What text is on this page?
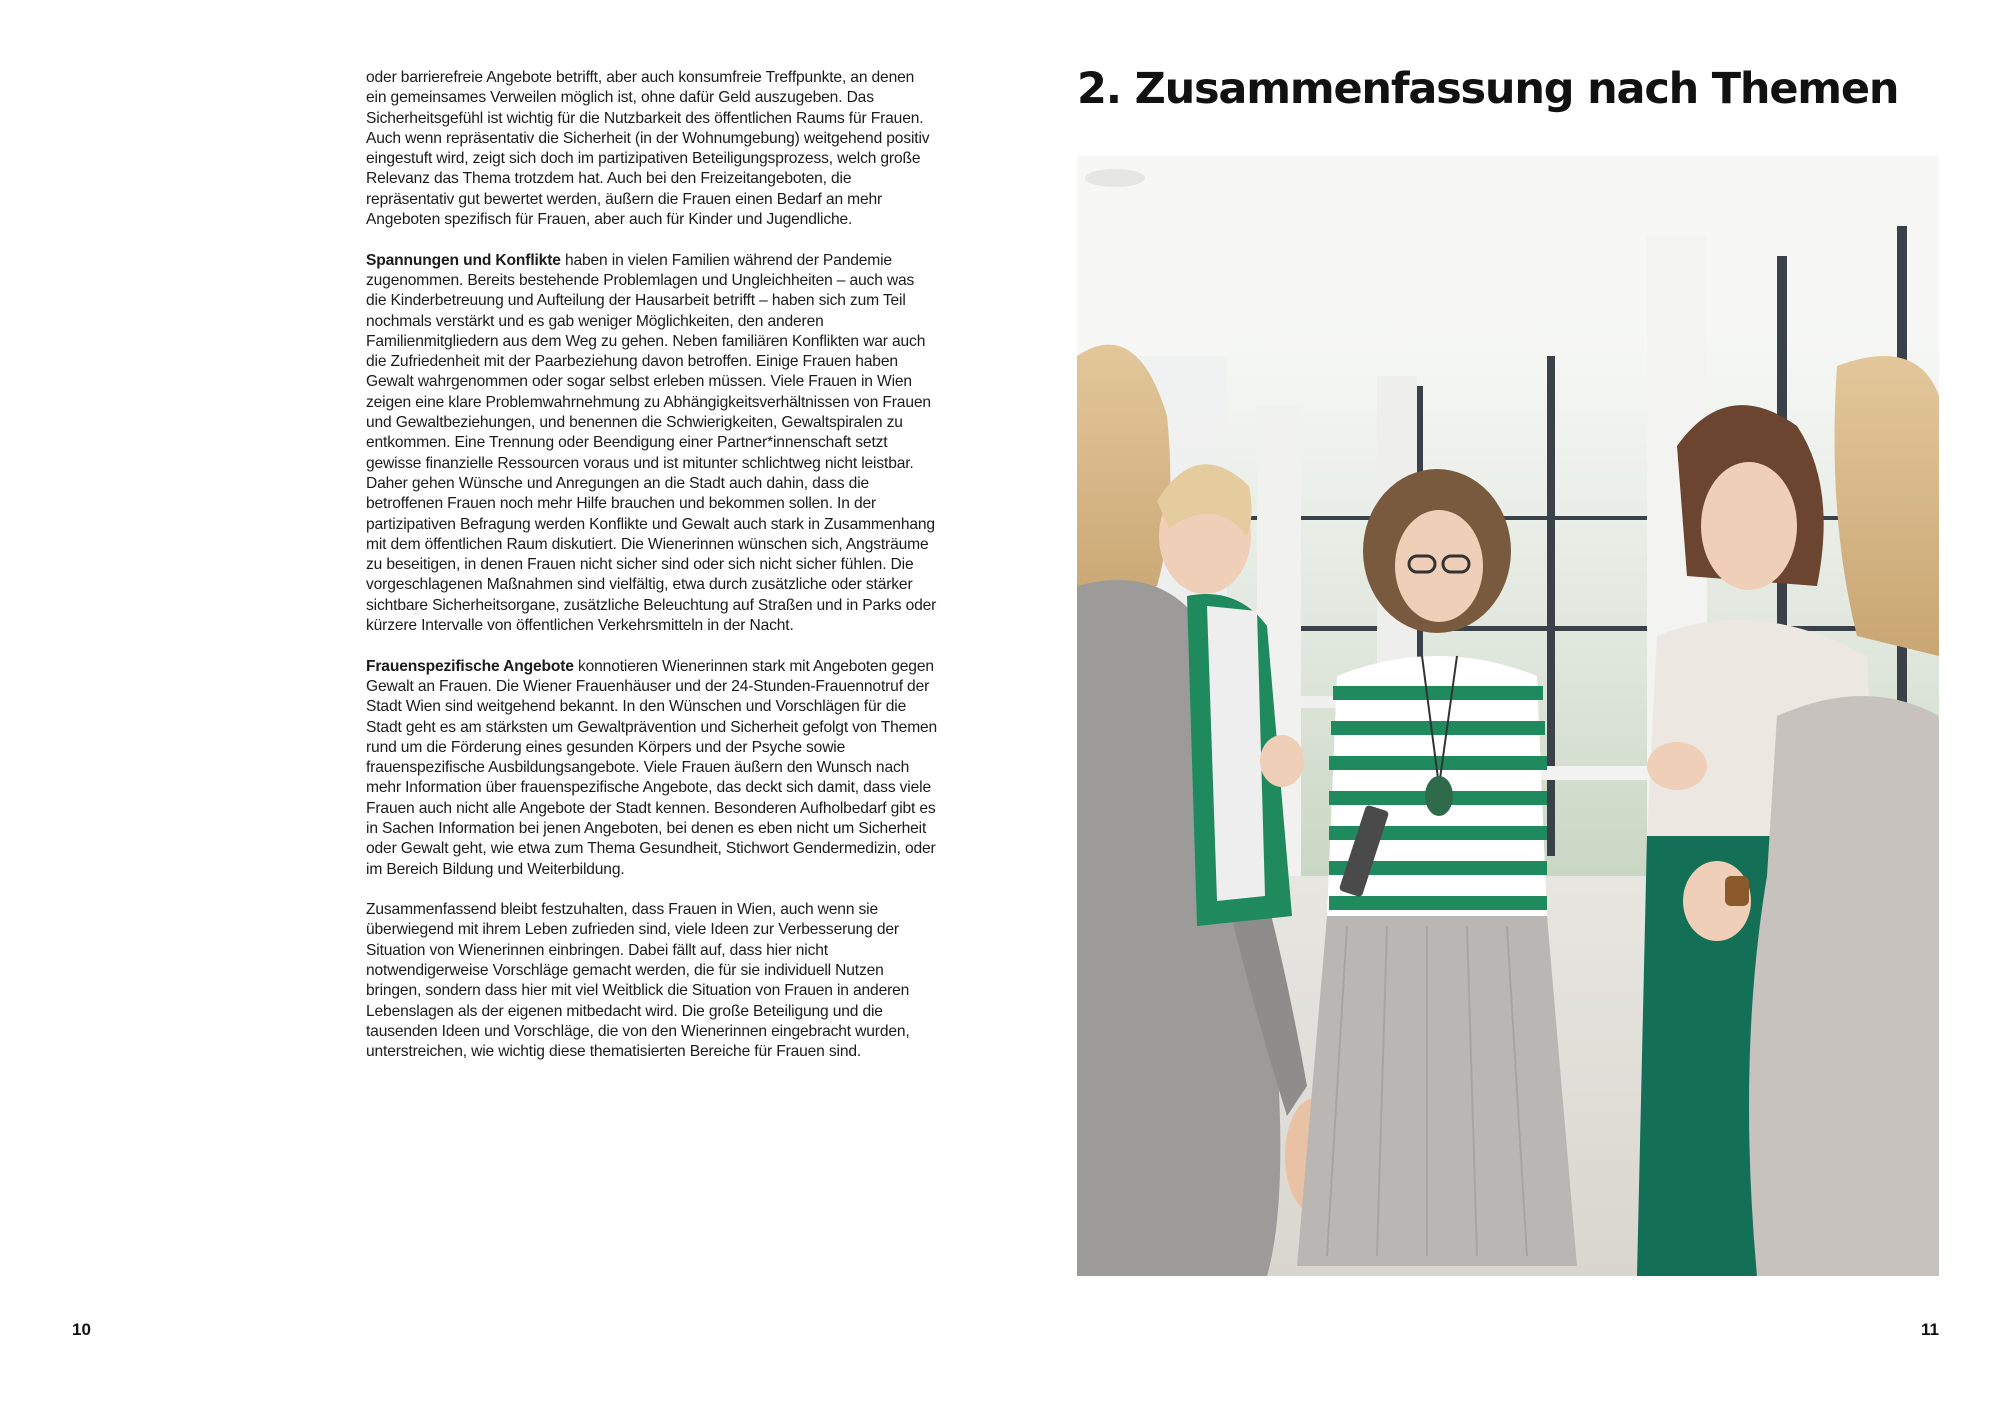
oder barrierefreie Angebote betrifft, aber auch konsumfreie Treffpunkte, an denen ein gemeinsames Verweilen möglich ist, ohne dafür Geld auszugeben. Das Sicherheitsgefühl ist wichtig für die Nutzbarkeit des öffentlichen Raums für Frauen. Auch wenn repräsentativ die Sicherheit (in der Wohnumgebung) weitgehend positiv eingestuft wird, zeigt sich doch im partizipativen Beteiligungsprozess, welch große Relevanz das Thema trotzdem hat. Auch bei den Freizeitangeboten, die repräsentativ gut bewertet werden, äußern die Frauen einen Bedarf an mehr Angeboten spezifisch für Frauen, aber auch für Kinder und Jugendliche.

Spannungen und Konflikte haben in vielen Familien während der Pandemie zugenommen. Bereits bestehende Problemlagen und Ungleichheiten – auch was die Kinderbetreuung und Aufteilung der Hausarbeit betrifft – haben sich zum Teil nochmals verstärkt und es gab weniger Möglichkeiten, den anderen Familienmitgliedern aus dem Weg zu gehen. Neben familiären Konflikten war auch die Zufriedenheit mit der Paarbeziehung davon betroffen. Einige Frauen haben Gewalt wahrgenommen oder sogar selbst erleben müssen. Viele Frauen in Wien zeigen eine klare Problemwahrnehmung zu Abhängigkeitsverhältnissen von Frauen und Gewaltbeziehungen, und benennen die Schwierigkeiten, Gewaltspiralen zu entkommen. Eine Trennung oder Beendigung einer Partner*innenschaft setzt gewisse finanzielle Ressourcen voraus und ist mitunter schlichtweg nicht leistbar. Daher gehen Wünsche und Anregungen an die Stadt auch dahin, dass die betroffenen Frauen noch mehr Hilfe brauchen und bekommen sollen. In der partizipativen Befragung werden Konflikte und Gewalt auch stark in Zusammenhang mit dem öffentlichen Raum diskutiert. Die Wienerinnen wünschen sich, Angsträume zu beseitigen, in denen Frauen nicht sicher sind oder sich nicht sicher fühlen. Die vorgeschlagenen Maßnahmen sind vielfältig, etwa durch zusätzliche oder stärker sichtbare Sicherheitsorgane, zusätzliche Beleuchtung auf Straßen und in Parks oder kürzere Intervalle von öffentlichen Verkehrsmitteln in der Nacht.

Frauenspezifische Angebote konnotieren Wienerinnen stark mit Angeboten gegen Gewalt an Frauen. Die Wiener Frauenhäuser und der 24-Stunden-Frauennotruf der Stadt Wien sind weitgehend bekannt. In den Wünschen und Vorschlägen für die Stadt geht es am stärksten um Gewaltprävention und Sicherheit gefolgt von Themen rund um die Förderung eines gesunden Körpers und der Psyche sowie frauenspezifische Ausbildungsangebote. Viele Frauen äußern den Wunsch nach mehr Information über frauenspezifische Angebote, das deckt sich damit, dass viele Frauen auch nicht alle Angebote der Stadt kennen. Besonderen Aufholbedarf gibt es in Sachen Information bei jenen Angeboten, bei denen es eben nicht um Sicherheit oder Gewalt geht, wie etwa zum Thema Gesundheit, Stichwort Gendermedizin, oder im Bereich Bildung und Weiterbildung.

Zusammenfassend bleibt festzuhalten, dass Frauen in Wien, auch wenn sie überwiegend mit ihrem Leben zufrieden sind, viele Ideen zur Verbesserung der Situation von Wienerinnen einbringen. Dabei fällt auf, dass hier nicht notwendigerweise Vorschläge gemacht werden, die für sie individuell Nutzen bringen, sondern dass hier mit viel Weitblick die Situation von Frauen in anderen Lebenslagen als der eigenen mitbedacht wird. Die große Beteiligung und die tausenden Ideen und Vorschläge, die von den Wienerinnen eingebracht wurden, unterstreichen, wie wichtig diese thematisierten Bereiche für Frauen sind.

10
2. Zusammenfassung nach Themen
11
